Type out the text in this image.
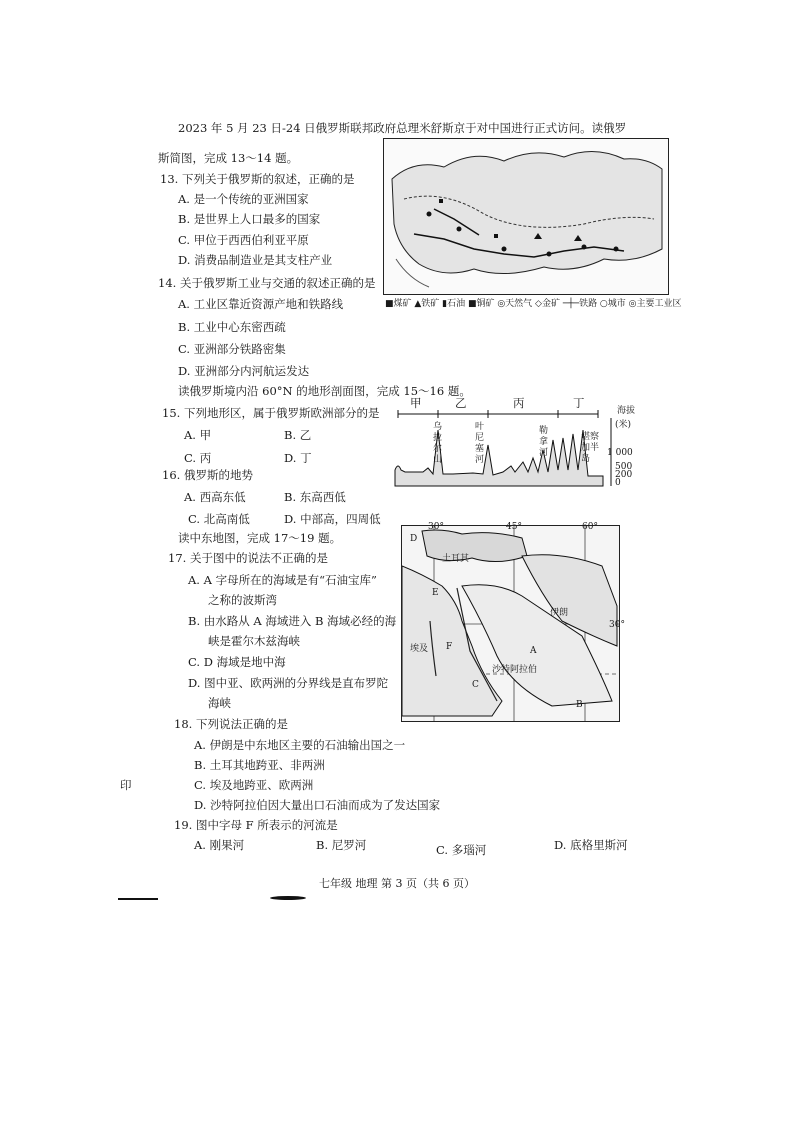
2023 年 5 月 23 日-24 日俄罗斯联邦政府总理米舒斯京于对中国进行正式访问。读俄罗
斯简图，完成 13～14 题。
13. 下列关于俄罗斯的叙述，正确的是
A. 是一个传统的亚洲国家
B. 是世界上人口最多的国家
C. 甲位于西西伯利亚平原
D. 消费品制造业是其支柱产业
14. 关于俄罗斯工业与交通的叙述正确的是
A. 工业区靠近资源产地和铁路线
B. 工业中心东密西疏
C. 亚洲部分铁路密集
D. 亚洲部分内河航运发达
■煤矿 ▲铁矿 ▮石油 ■铜矿 ◎天然气 ◇金矿 ─┼─铁路 ○城市 ◎主要工业区
读俄罗斯境内沿 60°N 的地形剖面图，完成 15～16 题。
15. 下列地形区，属于俄罗斯欧洲部分的是
A. 甲	B. 乙
C. 丙	D. 丁
甲	乙	丙	丁
乌拉尔山
叶尼塞河
勒拿河
堪察加半岛
海拔
(米)
1 000
500
200
0
16. 俄罗斯的地势
A. 西高东低	B. 东高西低
C. 北高南低	D. 中部高，四周低
读中东地图，完成 17～19 题。
17. 关于图中的说法不正确的是
A. A 字母所在的海域是有“石油宝库”
之称的波斯湾
B. 由水路从 A 海域进入 B 海域必经的海
峡是霍尔木兹海峡
C. D 海域是地中海
D. 图中亚、欧两洲的分界线是直布罗陀
海峡
30°	45°	60°
30°
土耳其
伊朗
埃及
沙特阿拉伯
D
E
F
C
A
B
18. 下列说法正确的是
A. 伊朗是中东地区主要的石油输出国之一
B. 土耳其地跨亚、非两洲
C. 埃及地跨亚、欧两洲
D. 沙特阿拉伯因大量出口石油而成为了发达国家
19. 图中字母 F 所表示的河流是
A. 刚果河	B. 尼罗河	C. 多瑙河	D. 底格里斯河
印
七年级 地理 第 3 页（共 6 页）
